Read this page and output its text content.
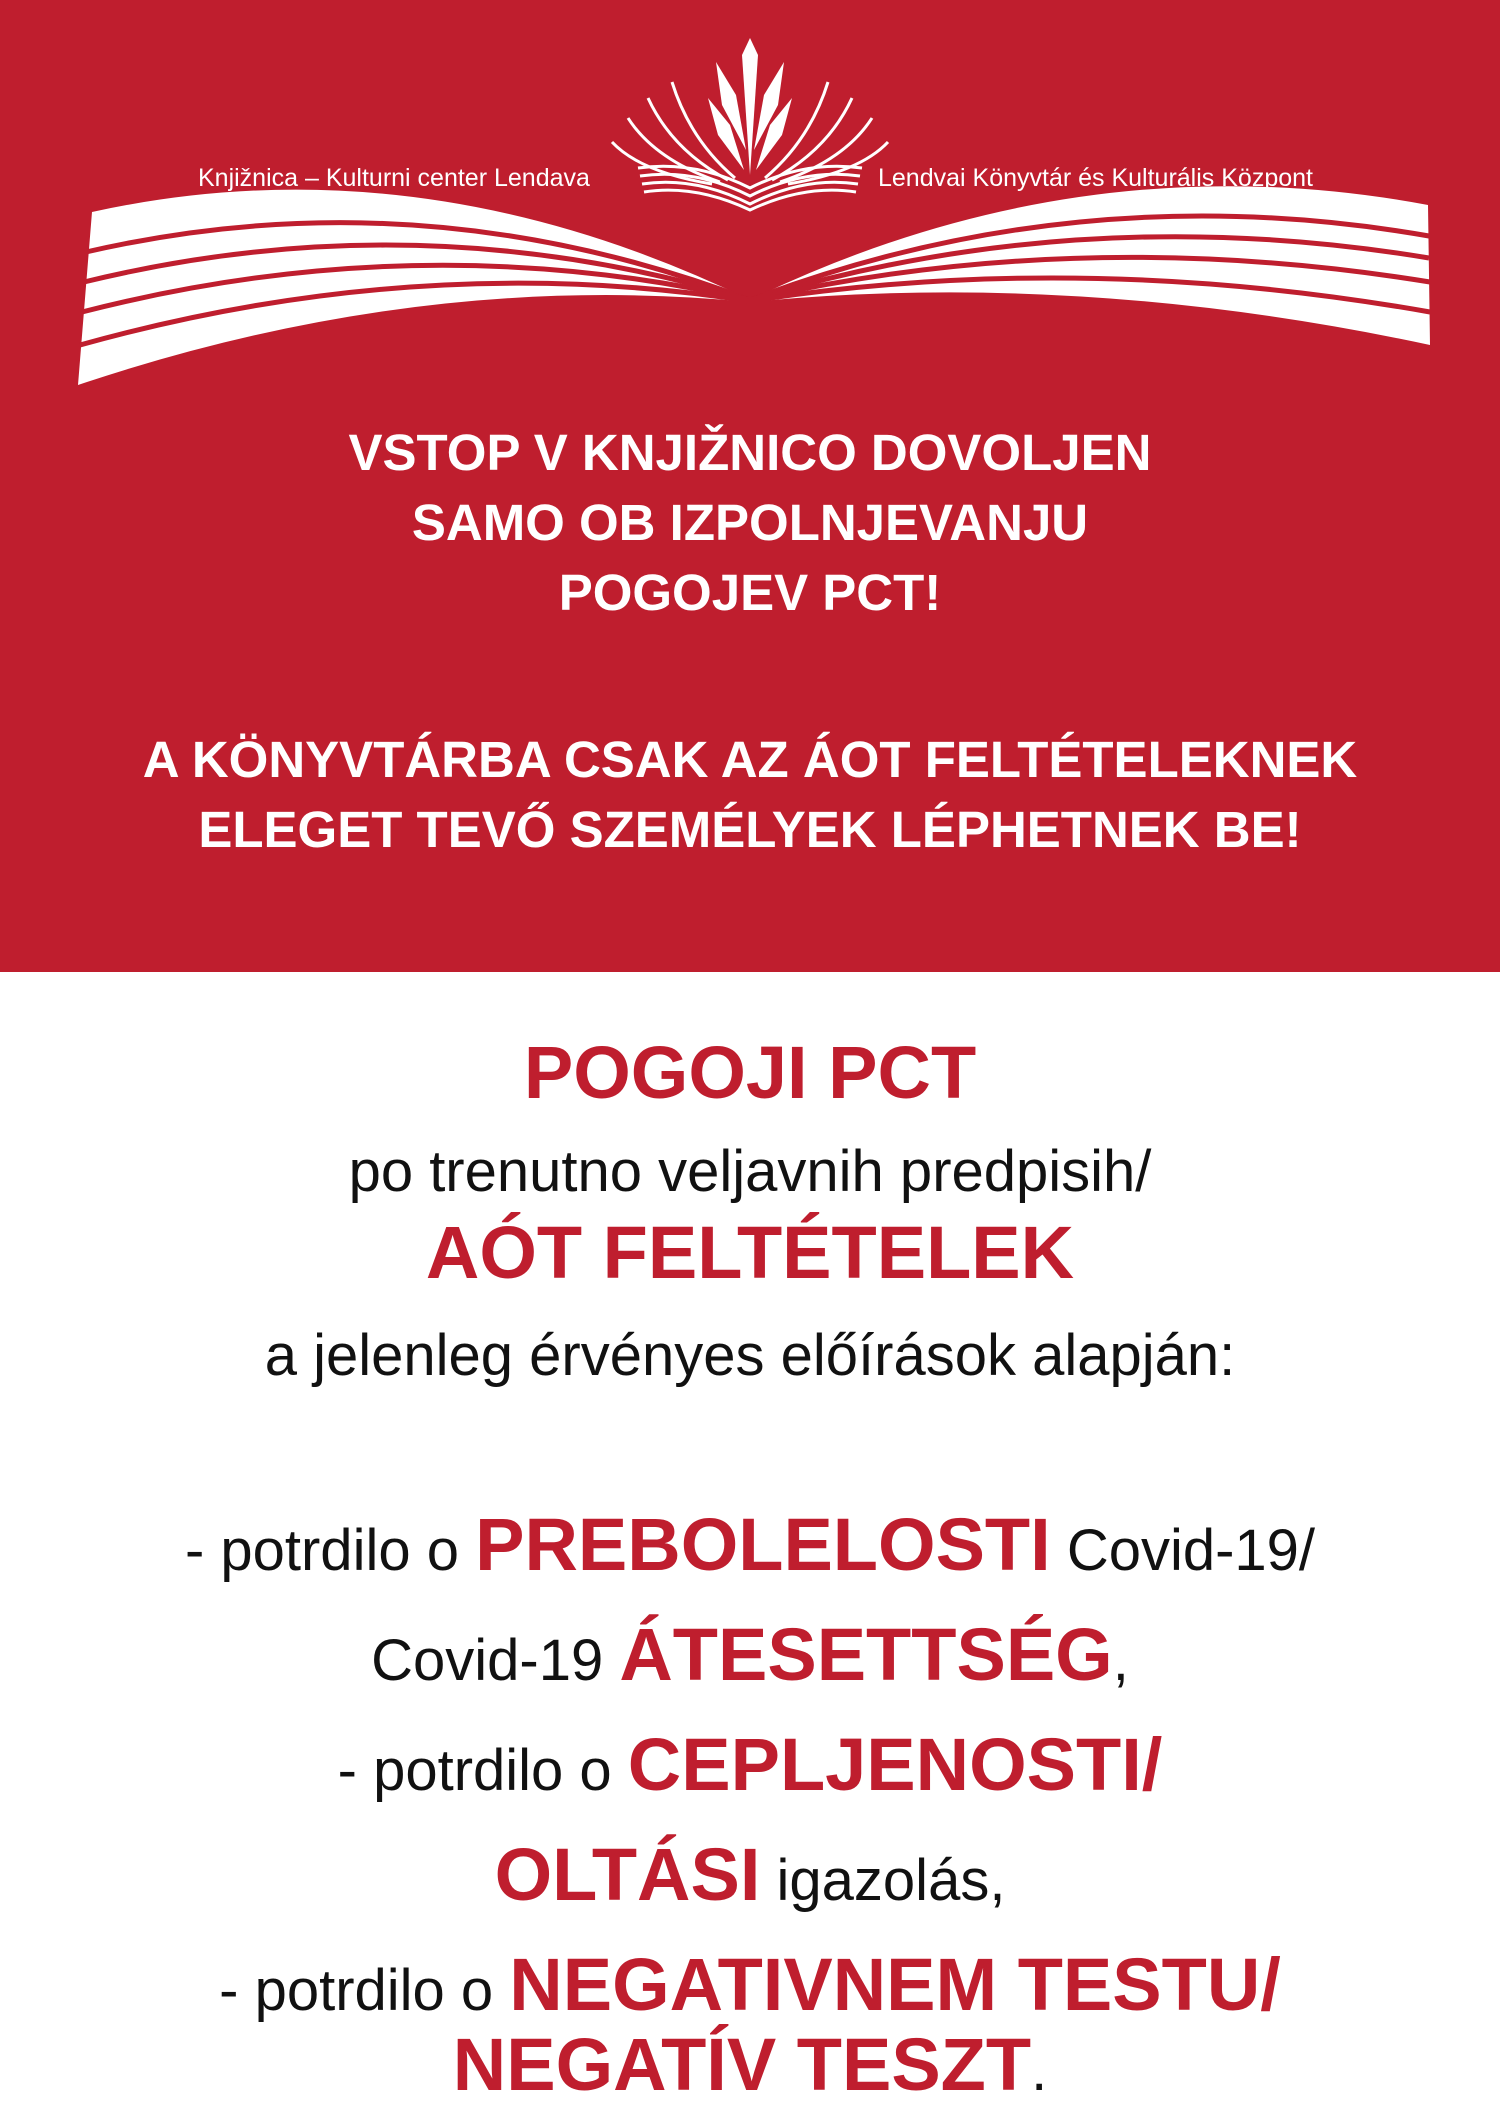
Knjižnica – Kulturni center Lendava	Lendvai Könyvtár és Kulturális Központ
VSTOP V KNJIŽNICO DOVOLJEN
SAMO OB IZPOLNJEVANJU
POGOJEV PCT!
A KÖNYVTÁRBA CSAK AZ ÁOT FELTÉTELEKNEK
ELEGET TEVŐ SZEMÉLYEK LÉPHETNEK BE!
POGOJI PCT
po trenutno veljavnih predpisih/
AÓT FELTÉTELEK
a jelenleg érvényes előírások alapján:
- potrdilo o PREBOLELOSTI Covid-19/
Covid-19 ÁTESETTSÉG,
- potrdilo o CEPLJENOSTI/
OLTÁSI igazolás,
- potrdilo o NEGATIVNEM TESTU/
NEGATÍV TESZT.
